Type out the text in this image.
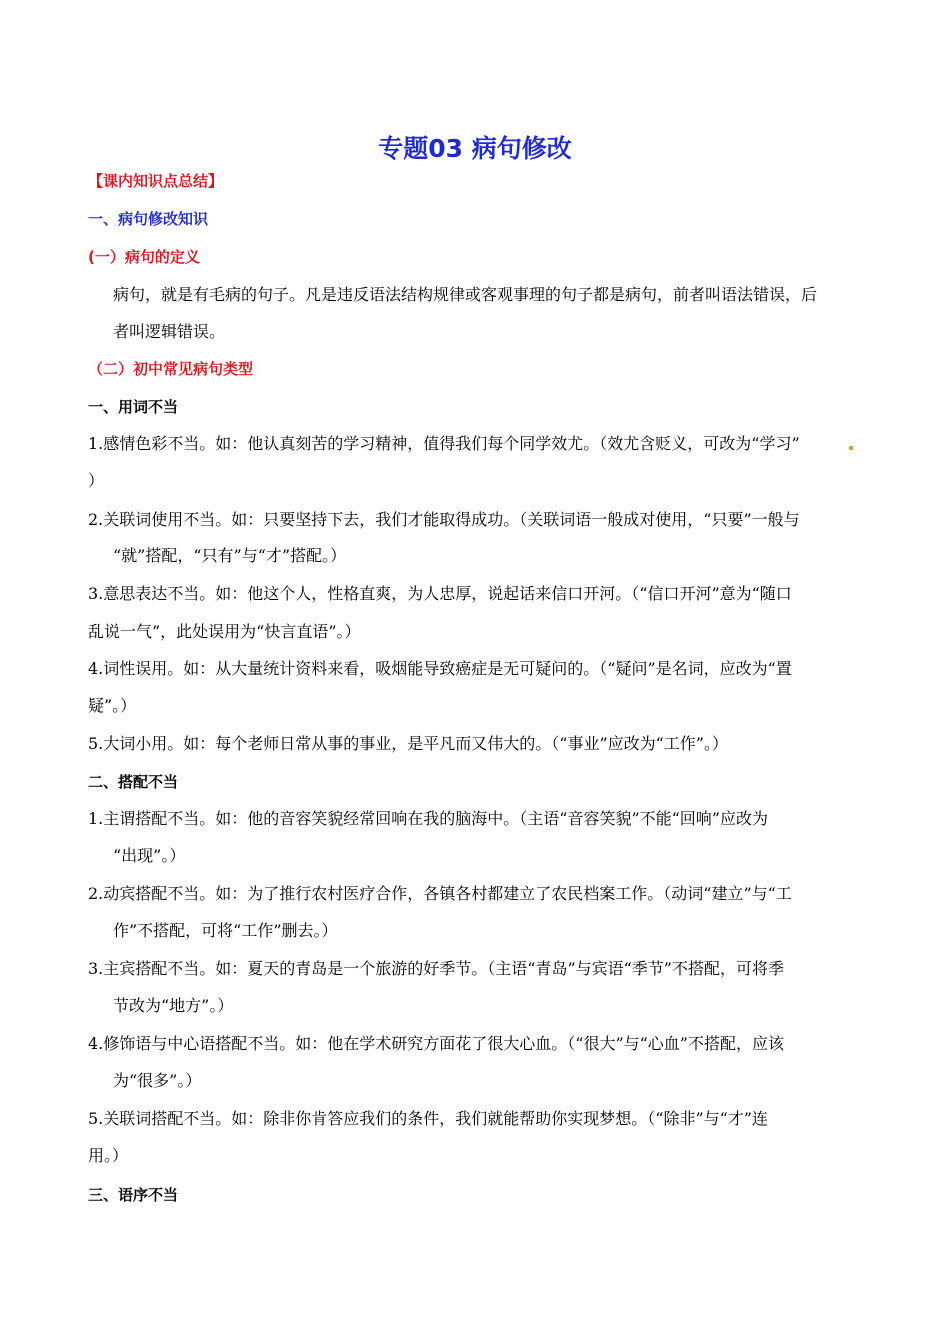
专题03 病句修改
【课内知识点总结】
一、病句修改知识
(一）病句的定义
病句，就是有毛病的句子。凡是违反语法结构规律或客观事理的句子都是病句，前者叫语法错误，后
者叫逻辑错误。
（二）初中常见病句类型
一、用词不当
1.感情色彩不当。如：他认真刻苦的学习精神，值得我们每个同学效尤。（效尤含贬义，可改为“学习”
）
2.关联词使用不当。如：只要坚持下去，我们才能取得成功。（关联词语一般成对使用，“只要”一般与
“就”搭配，“只有”与“才”搭配。）
3.意思表达不当。如：他这个人，性格直爽，为人忠厚，说起话来信口开河。（“信口开河”意为“随口
乱说一气”，此处误用为“快言直语”。）
4.词性误用。如：从大量统计资料来看，吸烟能导致癌症是无可疑问的。（“疑问”是名词，应改为“置
疑”。）
5.大词小用。如：每个老师日常从事的事业，是平凡而又伟大的。（“事业”应改为“工作”。）
二、搭配不当
1.主谓搭配不当。如：他的音容笑貌经常回响在我的脑海中。（主语“音容笑貌”不能“回响”应改为
“出现”。）
2.动宾搭配不当。如：为了推行农村医疗合作，各镇各村都建立了农民档案工作。（动词“建立”与“工
作”不搭配，可将“工作”删去。）
3.主宾搭配不当。如：夏天的青岛是一个旅游的好季节。（主语“青岛”与宾语“季节”不搭配，可将季
节改为“地方”。）
4.修饰语与中心语搭配不当。如：他在学术研究方面花了很大心血。（“很大”与“心血”不搭配，应该
为“很多”。）
5.关联词搭配不当。如：除非你肯答应我们的条件，我们就能帮助你实现梦想。（“除非”与“才”连
用。）
三、语序不当
